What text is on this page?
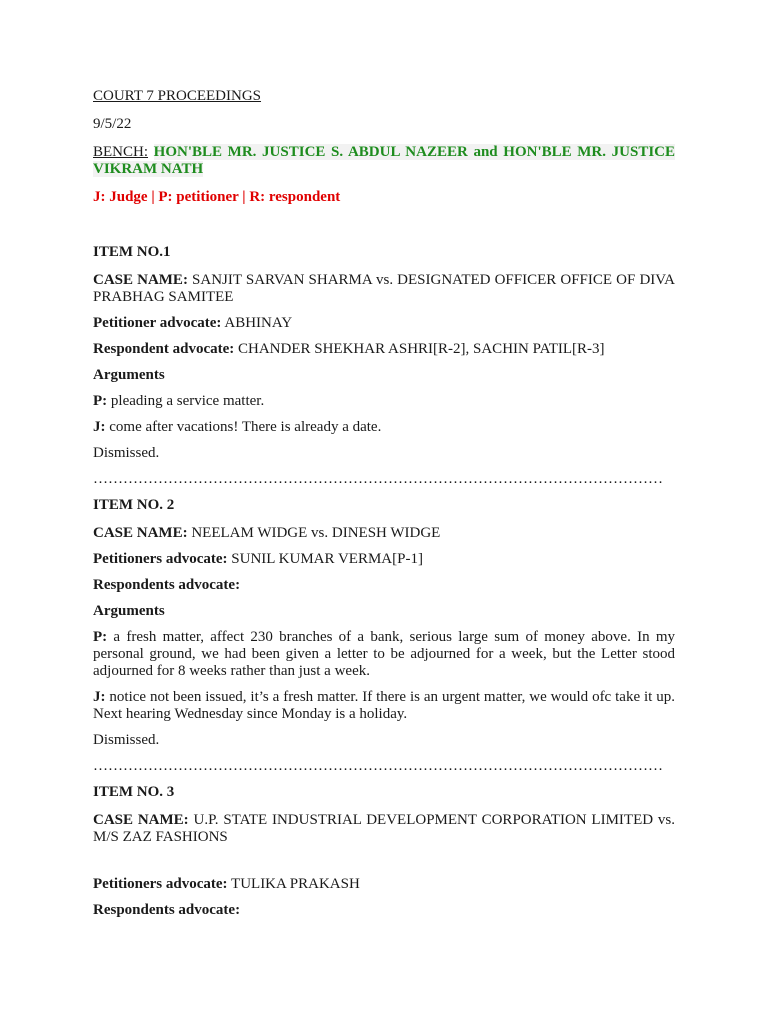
COURT 7 PROCEEDINGS

9/5/22

BENCH: HON'BLE MR. JUSTICE S. ABDUL NAZEER and HON'BLE MR. JUSTICE VIKRAM NATH

J: Judge | P: petitioner | R: respondent

ITEM NO.1

CASE NAME: SANJIT SARVAN SHARMA vs. DESIGNATED OFFICER OFFICE OF DIVA PRABHAG SAMITEE

Petitioner advocate: ABHINAY

Respondent advocate: CHANDER SHEKHAR ASHRI[R-2], SACHIN PATIL[R-3]

Arguments

P: pleading a service matter.

J: come after vacations! There is already a date.

Dismissed.

……………………………………………………………………………………………………

ITEM NO. 2

CASE NAME: NEELAM WIDGE vs. DINESH WIDGE

Petitioners advocate: SUNIL KUMAR VERMA[P-1]

Respondents advocate:

Arguments

P: a fresh matter, affect 230 branches of a bank, serious large sum of money above. In my personal ground, we had been given a letter to be adjourned for a week, but the Letter stood adjourned for 8 weeks rather than just a week.

J: notice not been issued, it’s a fresh matter. If there is an urgent matter, we would ofc take it up. Next hearing Wednesday since Monday is a holiday.

Dismissed.

……………………………………………………………………………………………………

ITEM NO. 3

CASE NAME: U.P. STATE INDUSTRIAL DEVELOPMENT CORPORATION LIMITED vs. M/S ZAZ FASHIONS

Petitioners advocate: TULIKA PRAKASH

Respondents advocate:
